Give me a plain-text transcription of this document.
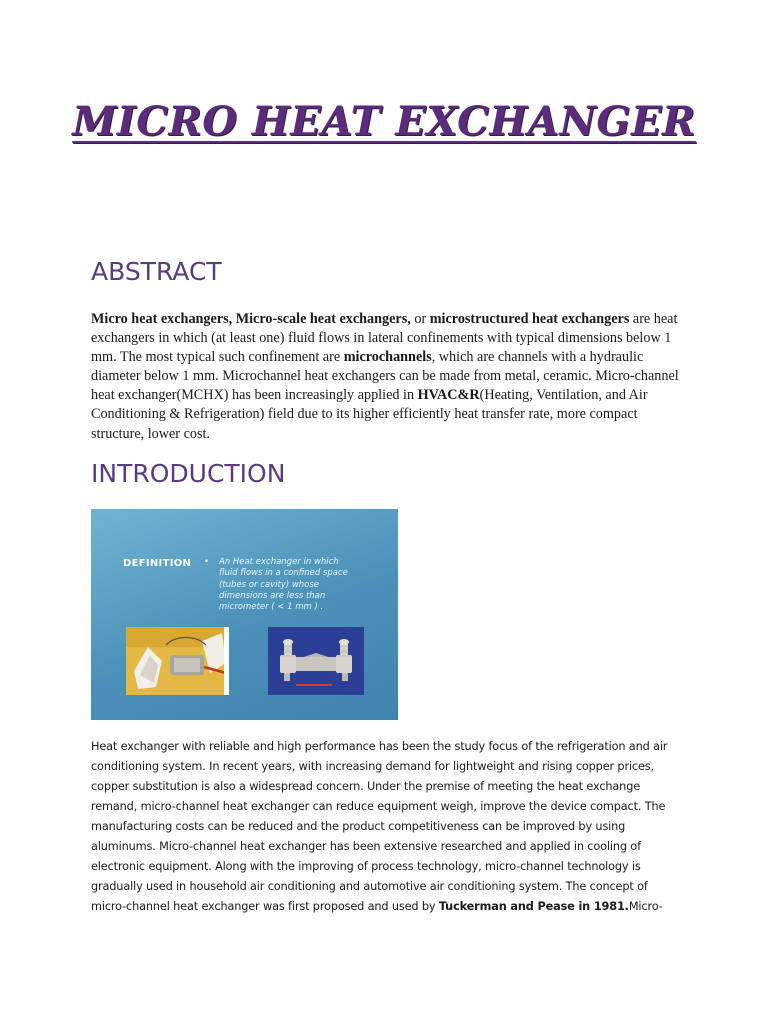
MICRO HEAT EXCHANGER
ABSTRACT
Micro heat exchangers, Micro-scale heat exchangers, or microstructured heat exchangers are heat exchangers in which (at least one) fluid flows in lateral confinements with typical dimensions below 1 mm. The most typical such confinement are microchannels, which are channels with a hydraulic diameter below 1 mm. Microchannel heat exchangers can be made from metal, ceramic. Micro-channel heat exchanger(MCHX) has been increasingly applied in HVAC&R(Heating, Ventilation, and Air Conditioning & Refrigeration) field due to its higher efficiently heat transfer rate, more compact structure, lower cost.
INTRODUCTION
DEFINITION • An Heat exchanger in which fluid flows in a confined space (tubes or cavity) whose dimensions are less than micrometer ( < 1 mm ) .
Heat exchanger with reliable and high performance has been the study focus of the refrigeration and air
conditioning system. In recent years, with increasing demand for lightweight and rising copper prices,
copper substitution is also a widespread concern. Under the premise of meeting the heat exchange
remand, micro-channel heat exchanger can reduce equipment weigh, improve the device compact. The
manufacturing costs can be reduced and the product competitiveness can be improved by using
aluminums. Micro-channel heat exchanger has been extensive researched and applied in cooling of
electronic equipment. Along with the improving of process technology, micro-channel technology is
gradually used in household air conditioning and automotive air conditioning system. The concept of
micro-channel heat exchanger was first proposed and used by Tuckerman and Pease in 1981.Micro-
